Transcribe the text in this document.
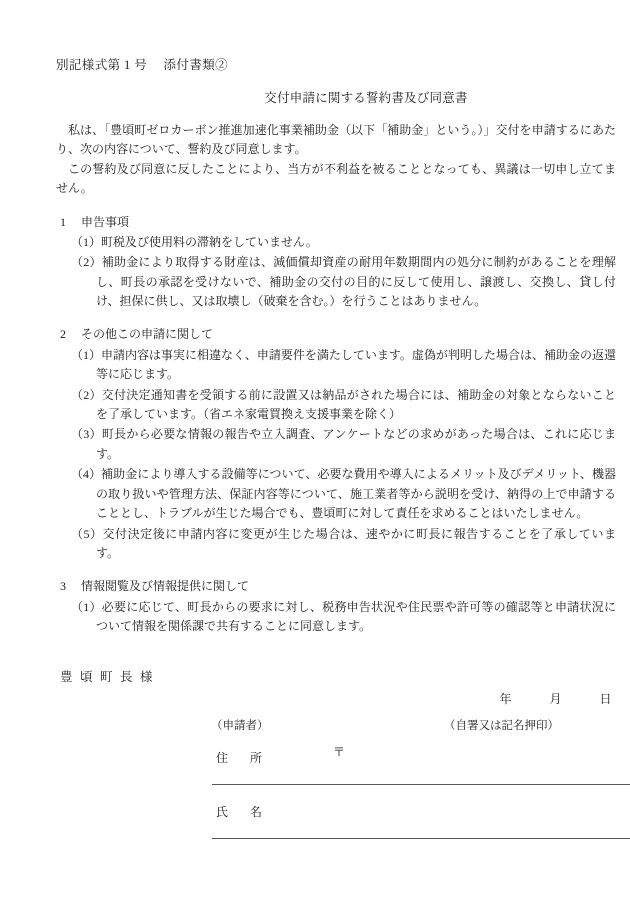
別記様式第 1 号　 添付書類②
交付申請に関する誓約書及び同意書

私は、「豊頃町ゼロカーボン推進加速化事業補助金（以下「補助金」という。）」交付を申請するにあたり、次の内容について、誓約及び同意します。

この誓約及び同意に反したことにより、当方が不利益を被ることとなっても、異議は一切申し立てません。

1　 申告事項
（1）町税及び使用料の滞納をしていません。
（2）補助金により取得する財産は、減価償却資産の耐用年数期間内の処分に制約があることを理解し、町長の承認を受けないで、補助金の交付の目的に反して使用し、譲渡し、交換し、貸し付け、担保に供し、又は取壊し（破棄を含む。）を行うことはありません。
2　 その他この申請に関して
（1）申請内容は事実に相違なく、申請要件を満たしています。虚偽が判明した場合は、補助金の返還等に応じます。
（2）交付決定通知書を受領する前に設置又は納品がされた場合には、補助金の対象とならないことを了承しています。（省エネ家電買換え支援事業を除く）
（3）町長から必要な情報の報告や立入調査、アンケートなどの求めがあった場合は、これに応じます。
（4）補助金により導入する設備等について、必要な費用や導入によるメリット及びデメリット、機器の取り扱いや管理方法、保証内容等について、施工業者等から説明を受け、納得の上で申請することとし、トラブルが生じた場合でも、豊頃町に対して責任を求めることはいたしません。
（5）交付決定後に申請内容に変更が生じた場合は、速やかに町長に報告することを了承しています。
3　 情報閲覧及び情報提供に関して
（1）必要に応じて、町長からの要求に対し、税務申告状況や住民票や許可等の確認等と申請状況について情報を関係課で共有することに同意します。
豊頃町長様
年　　　月　　　日
（申請者）	（自署又は記名押印）
住所	〒
氏名
